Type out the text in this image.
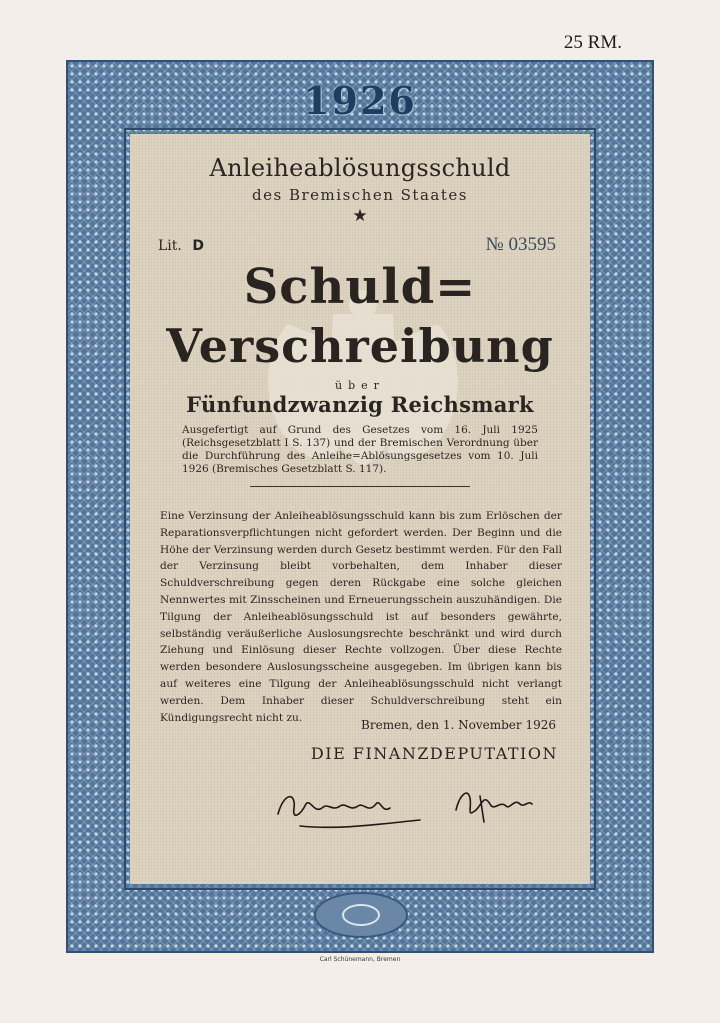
25 RM.
1926
Anleiheablösungsschuld
des Bremischen Staates
★
Lit. D	№ 03595
Schuld=
Verschreibung
über
Fünfundzwanzig Reichsmark
Ausgefertigt auf Grund des Gesetzes vom 16. Juli 1925 (Reichsgesetzblatt I S. 137) und der Bremischen Verordnung über die Durchführung des Anleihe=Ablösungsgesetzes vom 10. Juli 1926 (Bremisches Gesetzblatt S. 117).
Eine Verzinsung der Anleiheablösungsschuld kann bis zum Erlöschen der Reparationsverpflichtungen nicht gefordert werden. Der Beginn und die Höhe der Verzinsung werden durch Gesetz bestimmt werden. Für den Fall der Verzinsung bleibt vorbehalten, dem Inhaber dieser Schuldverschreibung gegen deren Rückgabe eine solche gleichen Nennwertes mit Zinsscheinen und Erneuerungsschein auszuhändigen. Die Tilgung der Anleiheablösungsschuld ist auf besonders gewährte, selbständig veräußerliche Auslosungsrechte beschränkt und wird durch Ziehung und Einlösung dieser Rechte vollzogen. Über diese Rechte werden besondere Auslosungsscheine ausgegeben. Im übrigen kann bis auf weiteres eine Tilgung der Anleiheablösungsschuld nicht verlangt werden. Dem Inhaber dieser Schuldverschreibung steht ein Kündigungsrecht nicht zu.
Bremen, den 1. November 1926
DIE FINANZDEPUTATION
Carl Schünemann, Bremen
